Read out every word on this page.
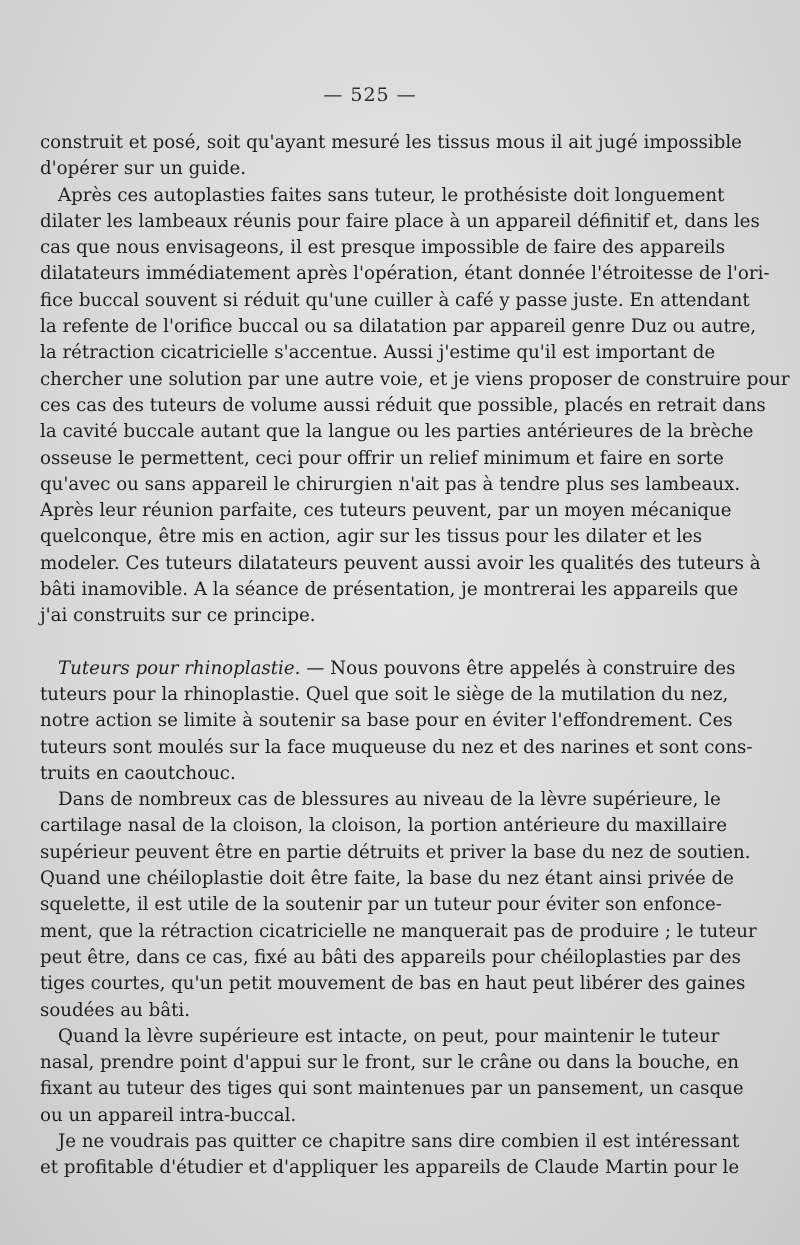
— 525 —
construit et posé, soit qu'ayant mesuré les tissus mous il ait jugé impossible
d'opérer sur un guide.
Après ces autoplasties faites sans tuteur, le prothésiste doit longuement
dilater les lambeaux réunis pour faire place à un appareil définitif et, dans les
cas que nous envisageons, il est presque impossible de faire des appareils
dilatateurs immédiatement après l'opération, étant donnée l'étroitesse de l'ori-
fice buccal souvent si réduit qu'une cuiller à café y passe juste. En attendant
la refente de l'orifice buccal ou sa dilatation par appareil genre Duz ou autre,
la rétraction cicatricielle s'accentue. Aussi j'estime qu'il est important de
chercher une solution par une autre voie, et je viens proposer de construire pour
ces cas des tuteurs de volume aussi réduit que possible, placés en retrait dans
la cavité buccale autant que la langue ou les parties antérieures de la brèche
osseuse le permettent, ceci pour offrir un relief minimum et faire en sorte
qu'avec ou sans appareil le chirurgien n'ait pas à tendre plus ses lambeaux.
Après leur réunion parfaite, ces tuteurs peuvent, par un moyen mécanique
quelconque, être mis en action, agir sur les tissus pour les dilater et les
modeler. Ces tuteurs dilatateurs peuvent aussi avoir les qualités des tuteurs à
bâti inamovible. A la séance de présentation, je montrerai les appareils que
j'ai construits sur ce principe.
Tuteurs pour rhinoplastie. — Nous pouvons être appelés à construire des
tuteurs pour la rhinoplastie. Quel que soit le siège de la mutilation du nez,
notre action se limite à soutenir sa base pour en éviter l'effondrement. Ces
tuteurs sont moulés sur la face muqueuse du nez et des narines et sont cons-
truits en caoutchouc.
Dans de nombreux cas de blessures au niveau de la lèvre supérieure, le
cartilage nasal de la cloison, la cloison, la portion antérieure du maxillaire
supérieur peuvent être en partie détruits et priver la base du nez de soutien.
Quand une chéiloplastie doit être faite, la base du nez étant ainsi privée de
squelette, il est utile de la soutenir par un tuteur pour éviter son enfonce-
ment, que la rétraction cicatricielle ne manquerait pas de produire ; le tuteur
peut être, dans ce cas, fixé au bâti des appareils pour chéiloplasties par des
tiges courtes, qu'un petit mouvement de bas en haut peut libérer des gaines
soudées au bâti.
Quand la lèvre supérieure est intacte, on peut, pour maintenir le tuteur
nasal, prendre point d'appui sur le front, sur le crâne ou dans la bouche, en
fixant au tuteur des tiges qui sont maintenues par un pansement, un casque
ou un appareil intra-buccal.
Je ne voudrais pas quitter ce chapitre sans dire combien il est intéressant
et profitable d'étudier et d'appliquer les appareils de Claude Martin pour le
